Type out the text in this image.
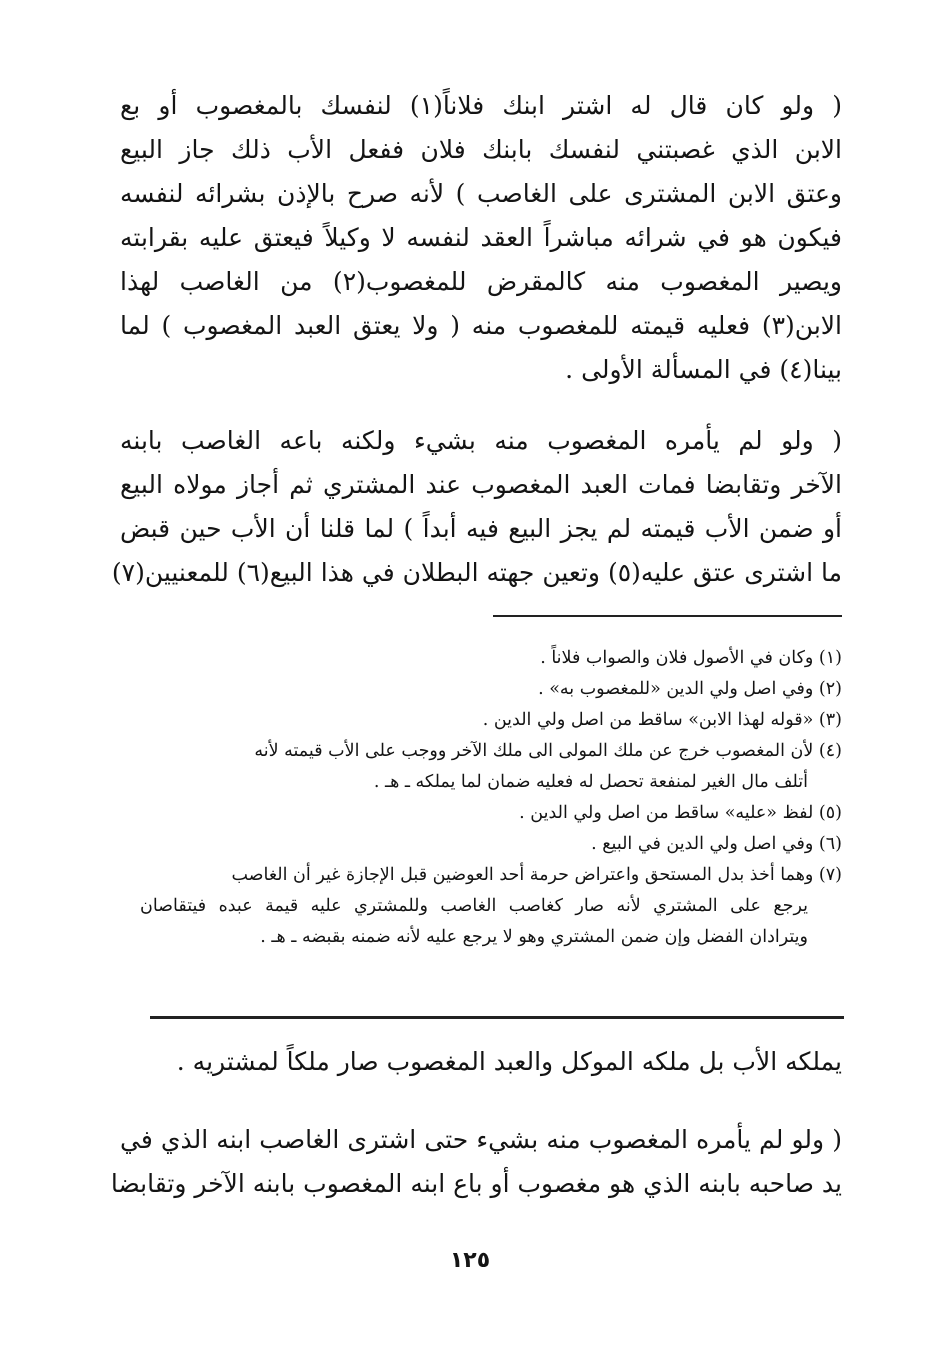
( ولو كان قال له اشتر ابنك فلاناً(١) لنفسك بالمغصوب أو بع
الابن الذي غصبتني لنفسك بابنك فلان ففعل الأب ذلك جاز البيع
وعتق الابن المشترى على الغاصب ) لأنه صرح بالإذن بشرائه لنفسه
فيكون هو في شرائه مباشراً العقد لنفسه لا وكيلاً فيعتق عليه بقرابته
ويصير المغصوب منه كالمقرض للمغصوب(٢) من الغاصب لهذا
الابن(٣) فعليه قيمته للمغصوب منه ( ولا يعتق العبد المغصوب ) لما
بينا(٤) في المسألة الأولى .
( ولو لم يأمره المغصوب منه بشيء ولكنه باعه الغاصب بابنه
الآخر وتقابضا فمات العبد المغصوب عند المشتري ثم أجاز مولاه البيع
أو ضمن الأب قيمته لم يجز البيع فيه أبداً ) لما قلنا أن الأب حين قبض
ما اشترى عتق عليه(٥) وتعين جهته البطلان في هذا البيع(٦) للمعنيين(٧)
(١) وكان في الأصول فلان والصواب فلاناً .
(٢) وفي اصل ولي الدين «للمغصوب به» .
(٣) «قوله لهذا الابن» ساقط من اصل ولي الدين .
(٤) لأن المغصوب خرج عن ملك المولى الى ملك الآخر ووجب على الأب قيمته لأنه
أتلف مال الغير لمنفعة تحصل له فعليه ضمان لما يملكه ـ هـ .
(٥) لفظ «عليه» ساقط من اصل ولي الدين .
(٦) وفي اصل ولي الدين في البيع .
(٧) وهما أخذ بدل المستحق واعتراض حرمة أحد العوضين قبل الإجازة غير أن الغاصب
يرجع على المشتري لأنه صار كغاصب الغاصب وللمشتري عليه قيمة عبده فيتقاصان
ويترادان الفضل وإن ضمن المشتري وهو لا يرجع عليه لأنه ضمنه بقبضه ـ هـ .
يملكه الأب بل ملكه الموكل والعبد المغصوب صار ملكاً لمشتريه .
( ولو لم يأمره المغصوب منه بشيء حتى اشترى الغاصب ابنه الذي في
يد صاحبه بابنه الذي هو مغصوب أو باع ابنه المغصوب بابنه الآخر وتقابضا
١٢٥
